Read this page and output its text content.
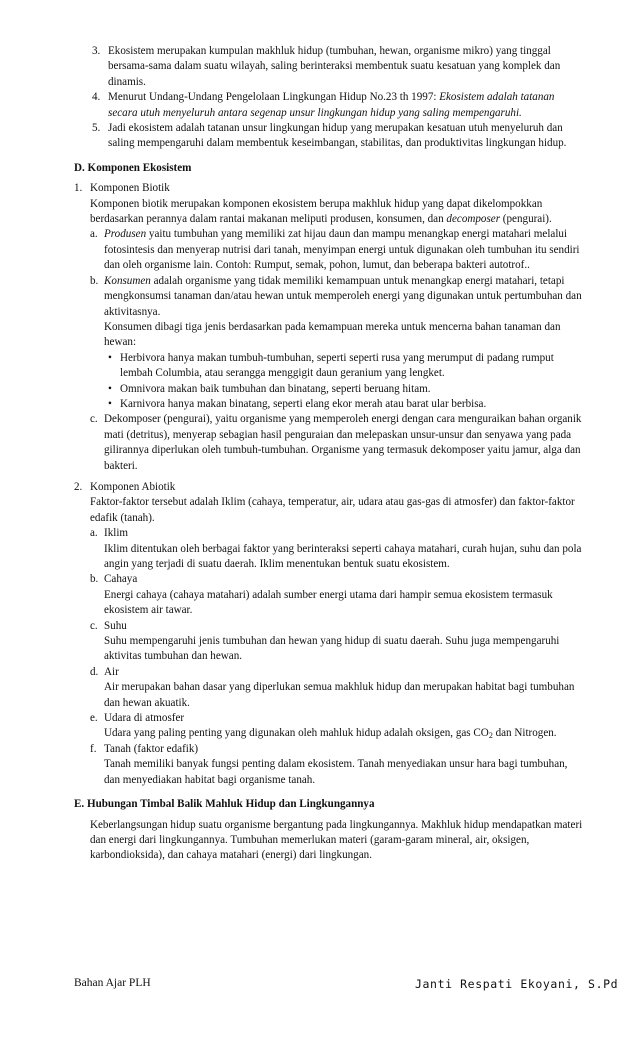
3. Ekosistem merupakan kumpulan makhluk hidup (tumbuhan, hewan, organisme mikro) yang tinggal bersama-sama dalam suatu wilayah, saling berinteraksi membentuk suatu kesatuan yang komplek dan dinamis.
4. Menurut Undang-Undang Pengelolaan Lingkungan Hidup No.23 th 1997: Ekosistem adalah tatanan secara utuh menyeluruh antara segenap unsur lingkungan hidup yang saling mempengaruhi.
5. Jadi ekosistem adalah tatanan unsur lingkungan hidup yang merupakan kesatuan utuh menyeluruh dan saling mempengaruhi dalam membentuk keseimbangan, stabilitas, dan produktivitas lingkungan hidup.
D. Komponen Ekosistem
1. Komponen Biotik
Komponen biotik merupakan komponen ekosistem berupa makhluk hidup yang dapat dikelompokkan berdasarkan perannya dalam rantai makanan meliputi produsen, konsumen, dan decomposer (pengurai).
a. Produsen yaitu tumbuhan yang memiliki zat hijau daun dan mampu menangkap energi matahari melalui fotosintesis dan menyerap nutrisi dari tanah, menyimpan energi untuk digunakan oleh tumbuhan itu sendiri dan oleh organisme lain. Contoh: Rumput, semak, pohon, lumut, dan beberapa bakteri autotrof..
b. Konsumen adalah organisme yang tidak memiliki kemampuan untuk menangkap energi matahari, tetapi mengkonsumsi tanaman dan/atau hewan untuk memperoleh energi yang digunakan untuk pertumbuhan dan aktivitasnya.
Konsumen dibagi tiga jenis berdasarkan pada kemampuan mereka untuk mencerna bahan tanaman dan hewan:
• Herbivora hanya makan tumbuh-tumbuhan, seperti seperti rusa yang merumput di padang rumput lembah Columbia, atau serangga menggigit daun geranium yang lengket.
• Omnivora makan baik tumbuhan dan binatang, seperti beruang hitam.
• Karnivora hanya makan binatang, seperti elang ekor merah atau barat ular berbisa.
c. Dekomposer (pengurai), yaitu organisme yang memperoleh energi dengan cara menguraikan bahan organik mati (detritus), menyerap sebagian hasil penguraian dan melepaskan unsur-unsur dan senyawa yang pada gilirannya diperlukan oleh tumbuh-tumbuhan. Organisme yang termasuk dekomposer yaitu jamur, alga dan bakteri.
2. Komponen Abiotik
Faktor-faktor tersebut adalah Iklim (cahaya, temperatur, air, udara atau gas-gas di atmosfer) dan faktor-faktor edafik (tanah).
a. Iklim
Iklim ditentukan oleh berbagai faktor yang berinteraksi seperti cahaya matahari, curah hujan, suhu dan pola angin yang terjadi di suatu daerah. Iklim menentukan bentuk suatu ekosistem.
b. Cahaya
Energi cahaya (cahaya matahari) adalah sumber energi utama dari hampir semua ekosistem termasuk ekosistem air tawar.
c. Suhu
Suhu mempengaruhi jenis tumbuhan dan hewan yang hidup di suatu daerah. Suhu juga mempengaruhi aktivitas tumbuhan dan hewan.
d. Air
Air merupakan bahan dasar yang diperlukan semua makhluk hidup dan merupakan habitat bagi tumbuhan dan hewan akuatik.
e. Udara di atmosfer
Udara yang paling penting yang digunakan oleh mahluk hidup adalah oksigen, gas $CO_2$ dan Nitrogen.
f. Tanah (faktor edafik)
Tanah memiliki banyak fungsi penting dalam ekosistem. Tanah menyediakan unsur hara bagi tumbuhan, dan menyediakan habitat bagi organisme tanah.
E. Hubungan Timbal Balik Mahluk Hidup dan Lingkungannya
Keberlangsungan hidup suatu organisme bergantung pada lingkungannya. Makhluk hidup mendapatkan materi dan energi dari lingkungannya. Tumbuhan memerlukan materi (garam-garam mineral, air, oksigen, karbondioksida), dan cahaya matahari (energi) dari lingkungan.
Bahan Ajar PLH	Janti Respati Ekoyani, S.Pd
